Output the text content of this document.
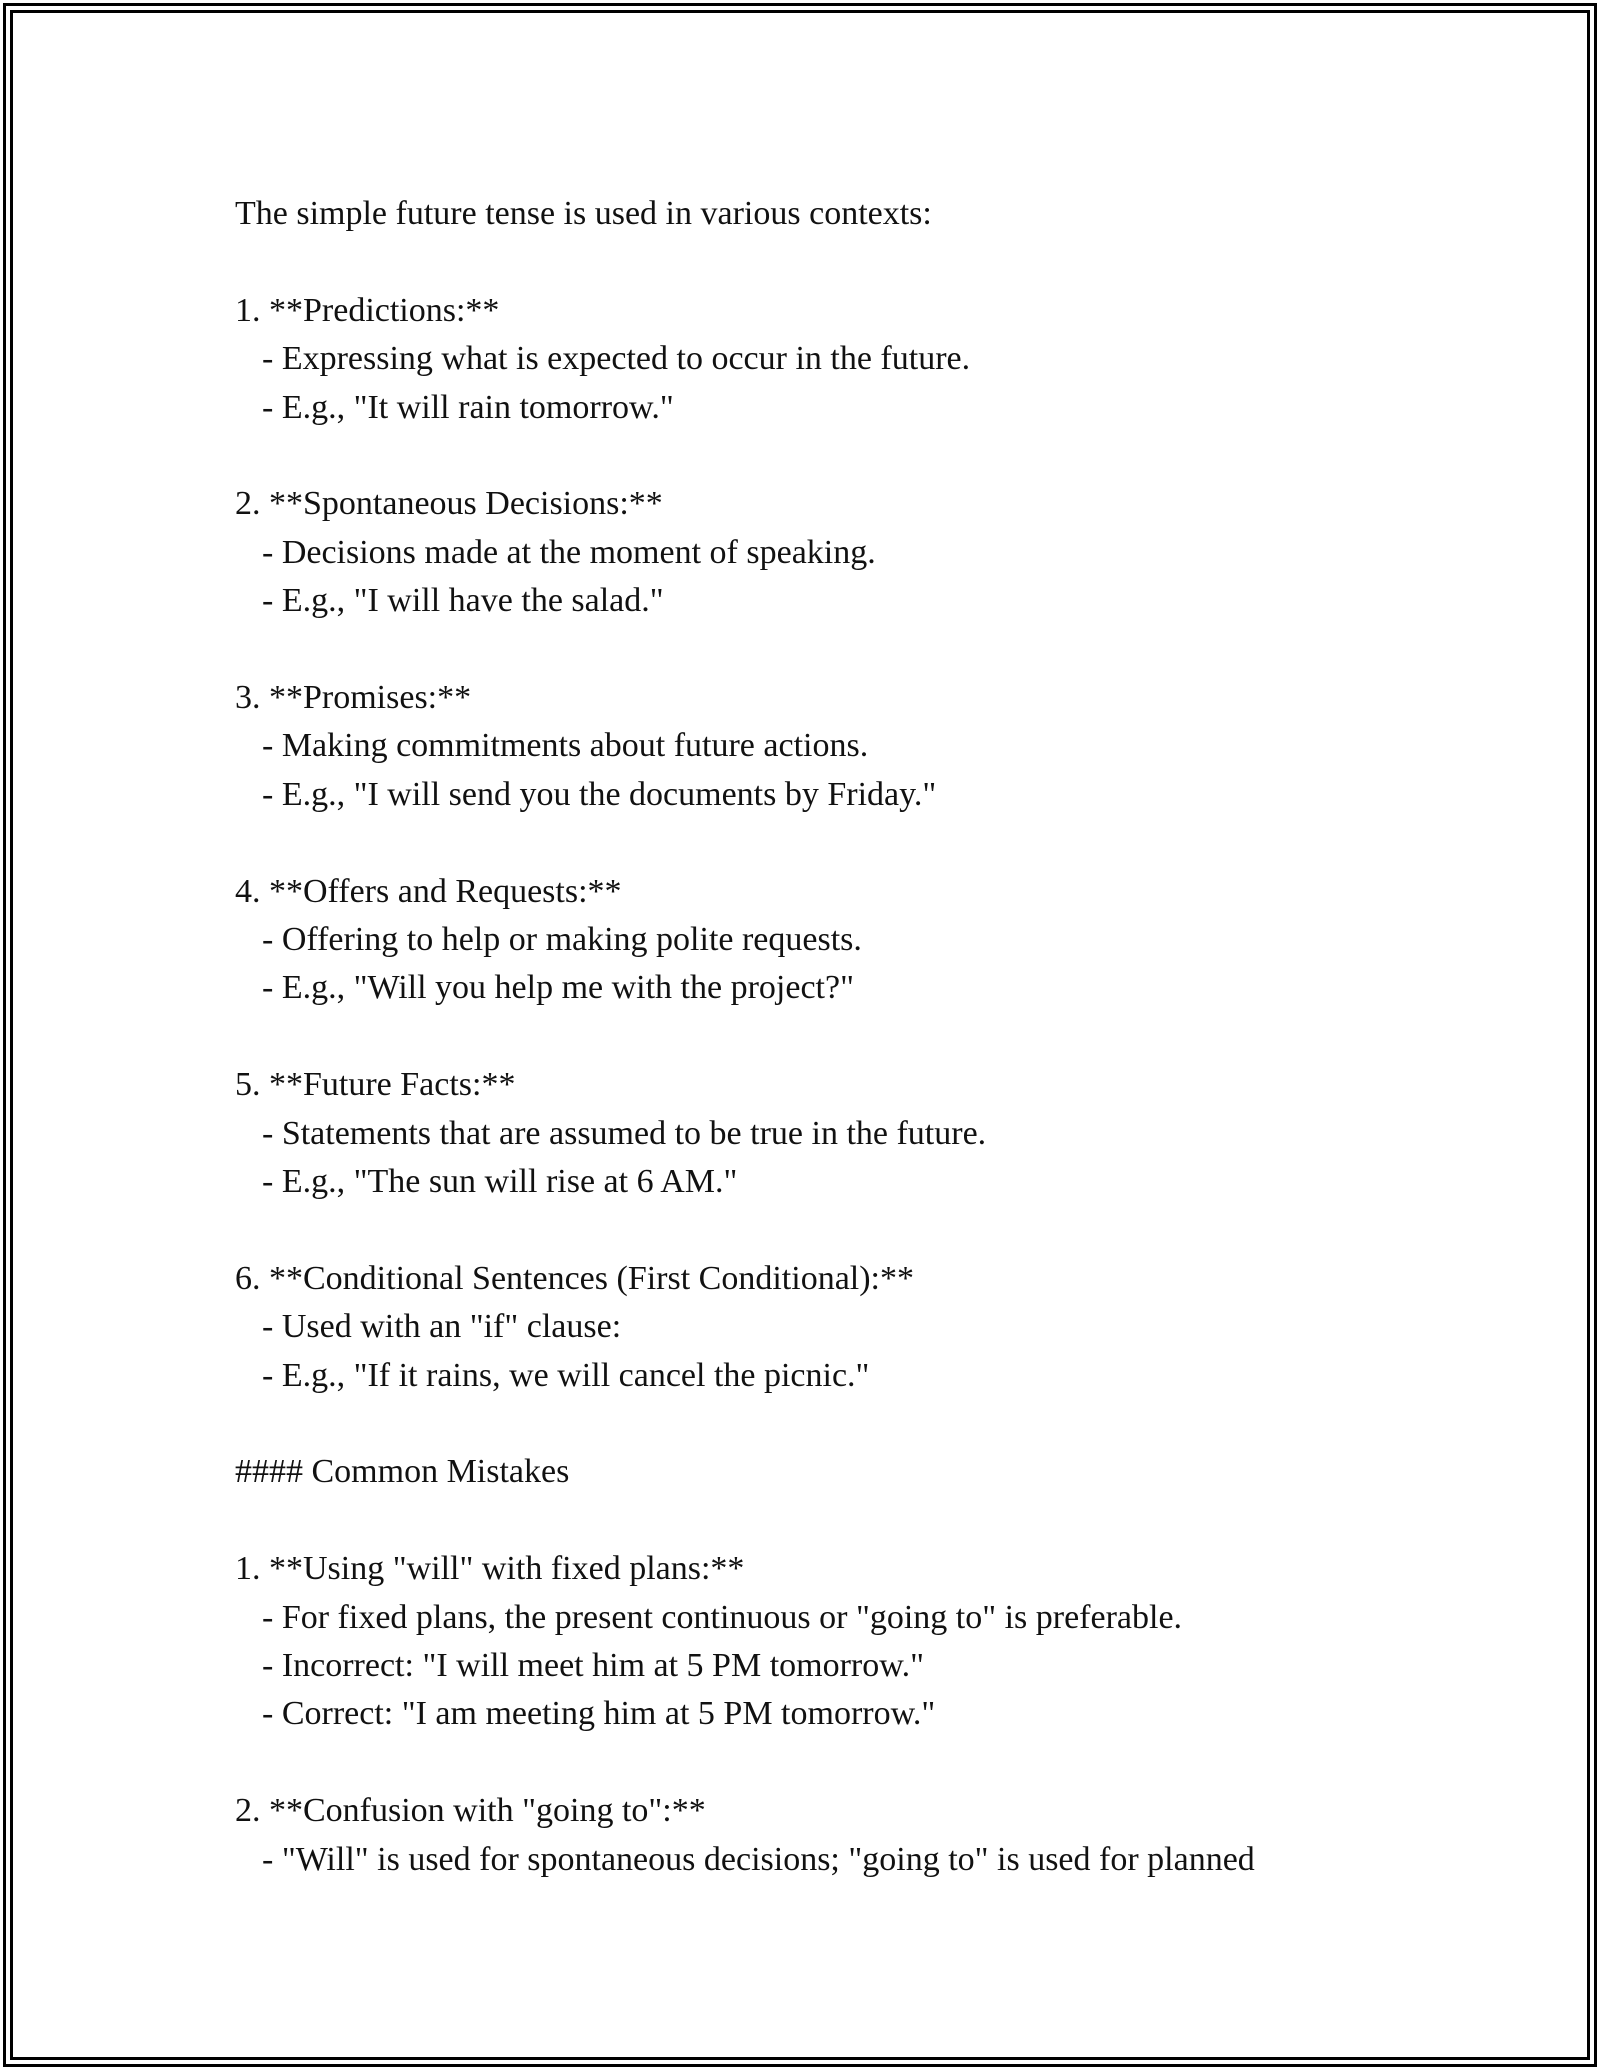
The simple future tense is used in various contexts:
1. **Predictions:**
- Expressing what is expected to occur in the future.
- E.g., "It will rain tomorrow."
2. **Spontaneous Decisions:**
- Decisions made at the moment of speaking.
- E.g., "I will have the salad."
3. **Promises:**
- Making commitments about future actions.
- E.g., "I will send you the documents by Friday."
4. **Offers and Requests:**
- Offering to help or making polite requests.
- E.g., "Will you help me with the project?"
5. **Future Facts:**
- Statements that are assumed to be true in the future.
- E.g., "The sun will rise at 6 AM."
6. **Conditional Sentences (First Conditional):**
- Used with an "if" clause:
- E.g., "If it rains, we will cancel the picnic."
#### Common Mistakes
1. **Using "will" with fixed plans:**
- For fixed plans, the present continuous or "going to" is preferable.
- Incorrect: "I will meet him at 5 PM tomorrow."
- Correct: "I am meeting him at 5 PM tomorrow."
2. **Confusion with "going to":**
- "Will" is used for spontaneous decisions; "going to" is used for planned
